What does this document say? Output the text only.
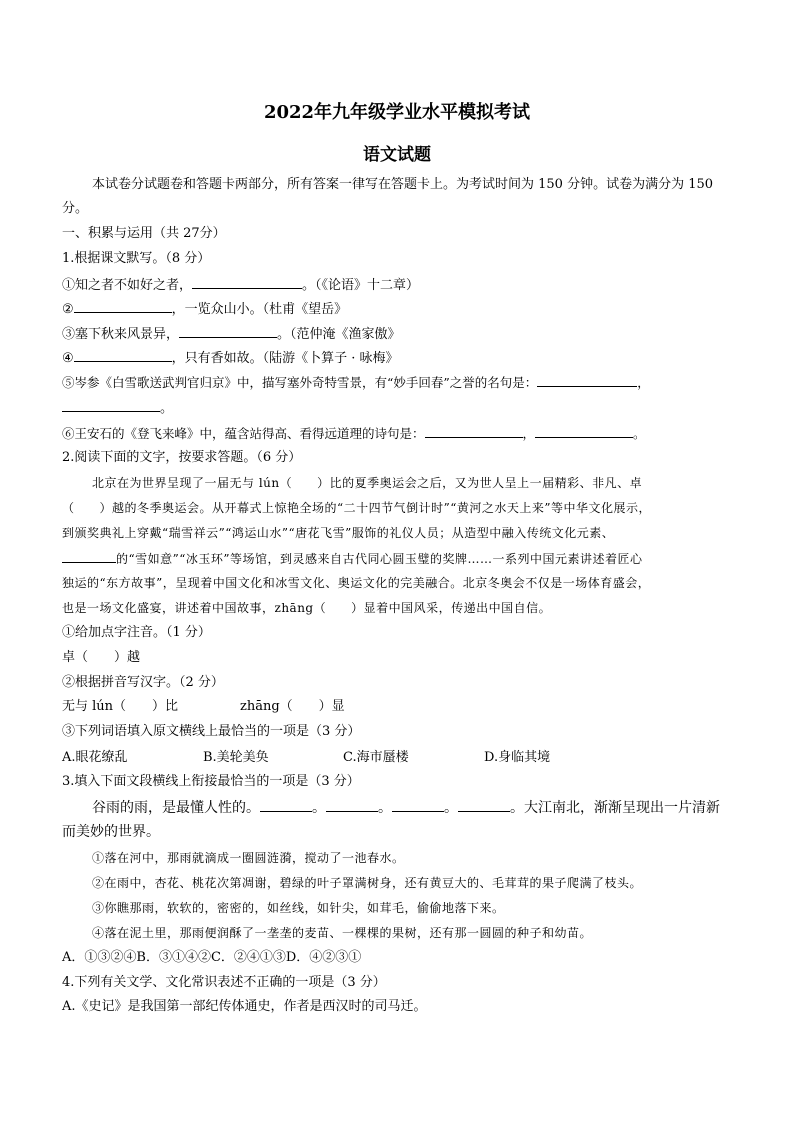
2022年九年级学业水平模拟考试
语文试题
本试卷分试题卷和答题卡两部分，所有答案一律写在答题卡上。为考试时间为 150 分钟。试卷为满分为 150
分。
一、积累与运用（共 27分）
1.根据课文默写。（8 分）
①知之者不如好之者，	。（《论语》十二章）
②	，一览众山小。（杜甫《望岳》
③塞下秋来风景异，	。（范仲淹《渔家傲》
④	，只有香如故。（陆游《卜算子 · 咏梅》
⑤岑参《白雪歌送武判官归京》中，描写塞外奇特雪景，有“妙手回春”之誉的名句是：	，
。
⑥王安石的《登飞来峰》中，蕴含站得高、看得远道理的诗句是：	，	。
2.阅读下面的文字，按要求答题。（6 分）
北京在为世界呈现了一届无与 lún（　　）比的夏季奥运会之后，又为世人呈上一届精彩、非凡、卓
（　　）越的冬季奥运会。从开幕式上惊艳全场的“二十四节气倒计时”“黄河之水天上来”等中华文化展示，
到颁奖典礼上穿戴“瑞雪祥云”“鸿运山水”“唐花飞雪”服饰的礼仪人员；从造型中融入传统文化元素、
的“雪如意”“冰玉环”等场馆，到灵感来自古代同心圆玉璧的奖牌……一系列中国元素讲述着匠心
独运的“东方故事”，呈现着中国文化和冰雪文化、奥运文化的完美融合。北京冬奥会不仅是一场体育盛会，
也是一场文化盛宴，讲述着中国故事，zhāng（　　）显着中国风采，传递出中国自信。
①给加点字注音。（1 分）
卓（　　）越
②根据拼音写汉字。（2 分）
无与 lún（　　）比	zhāng（　　）显
③下列词语填入原文横线上最恰当的一项是（3 分）
A.眼花缭乱	B.美轮美奂	C.海市蜃楼	D.身临其境
3.填入下面文段横线上衔接最恰当的一项是（3 分）
谷雨的雨，是最懂人性的。	。	。	。	。大江南北，渐渐呈现出一片清新
而美妙的世界。
①落在河中，那雨就滴成一圈圆涟漪，搅动了一池春水。
②在雨中，杏花、桃花次第凋谢，碧绿的叶子罩满树身，还有黄豆大的、毛茸茸的果子爬满了枝头。
③你瞧那雨，软软的，密密的，如丝线，如针尖，如茸毛，偷偷地落下来。
④落在泥土里，那雨便润酥了一垄垄的麦苗、一棵棵的果树，还有那一圆圆的种子和幼苗。
A．①③②④B．③①④②C．②④①③D．④②③①
4.下列有关文学、文化常识表述不正确的一项是（3 分）
A.《史记》是我国第一部纪传体通史，作者是西汉时的司马迁。
